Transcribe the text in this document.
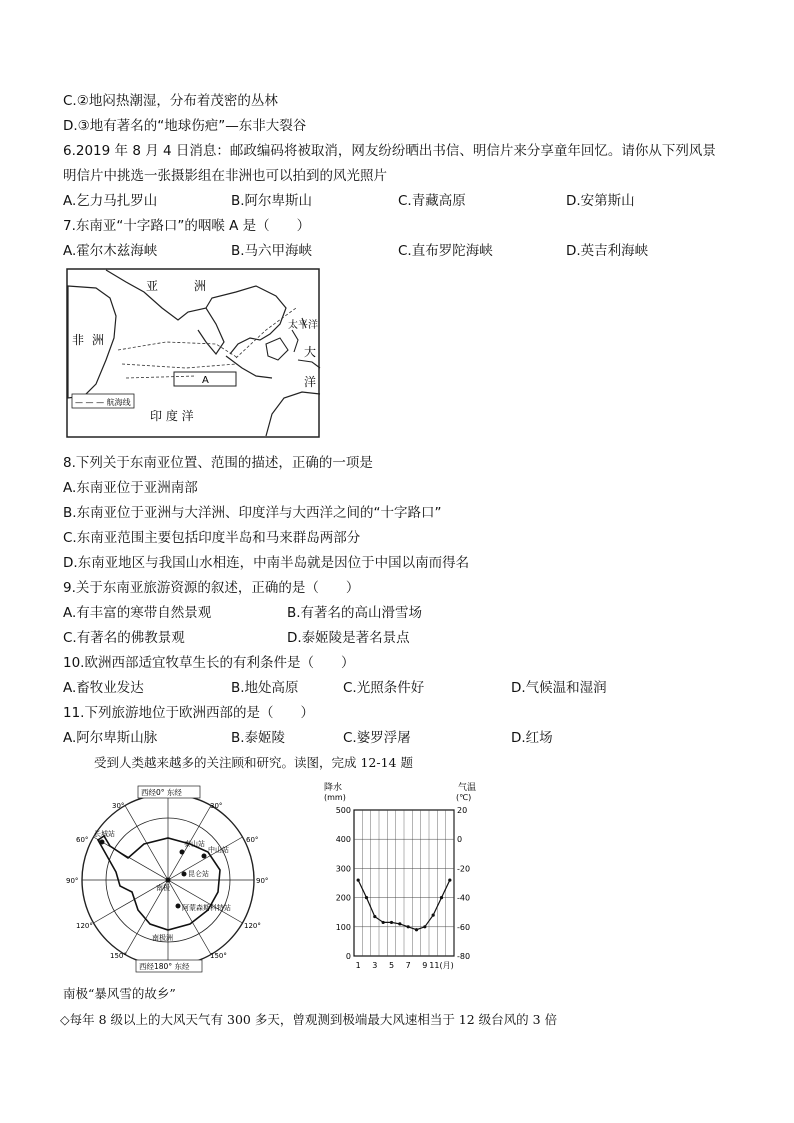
C.②地闷热潮湿，分布着茂密的丛林
D.③地有著名的“地球伤疤”—东非大裂谷
6.2019 年 8 月 4 日消息：邮政编码将被取消，网友纷纷晒出书信、明信片来分享童年回忆。请你从下列风景
明信片中挑选一张摄影组在非洲也可以拍到的风光照片
A.乞力马扎罗山	B.阿尔卑斯山	C.青藏高原	D.安第斯山
7.东南亚“十字路口”的咽喉 A 是（　　）
A.霍尔木兹海峡	B.马六甲海峡	C.直布罗陀海峡	D.英吉利海峡
A
亚	洲
非 洲
太平洋
大
洋
印 度 洋
— — — 航海线
8.下列关于东南亚位置、范围的描述，正确的一项是
A.东南亚位于亚洲南部
B.东南亚位于亚洲与大洋洲、印度洋与大西洋之间的“十字路口”
C.东南亚范围主要包括印度半岛和马来群岛两部分
D.东南亚地区与我国山水相连，中南半岛就是因位于中国以南而得名
9.关于东南亚旅游资源的叙述，正确的是（　　）
A.有丰富的寒带自然景观	B.有著名的高山滑雪场
C.有著名的佛教景观	D.泰姬陵是著名景点
10.欧洲西部适宜牧草生长的有利条件是（　　）
A.畜牧业发达	B.地处高原	C.光照条件好	D.气候温和湿润
11.下列旅游地位于欧洲西部的是（　　）
A.阿尔卑斯山脉	B.泰姬陵	C.婆罗浮屠	D.红场
受到人类越来越多的关注顾和研究。读图，完成 12-14 题
西经0° 东经
西经180° 东经
30°	30°
60°	60°
90°	90°
120°	120°
150°	150°
长城站
中山站
泰山站
昆仑站
南极
阿蒙森斯科特站
南极洲
降水
(mm)
气温
(℃)
0	-80
100	-60
200	-40
300	-20
400	0
500	20
1 3 5 7 9 11(月)
南极“暴风雪的故乡”
◇每年 8 级以上的大风天气有 300 多天，曾观测到极端最大风速相当于 12 级台风的 3 倍
